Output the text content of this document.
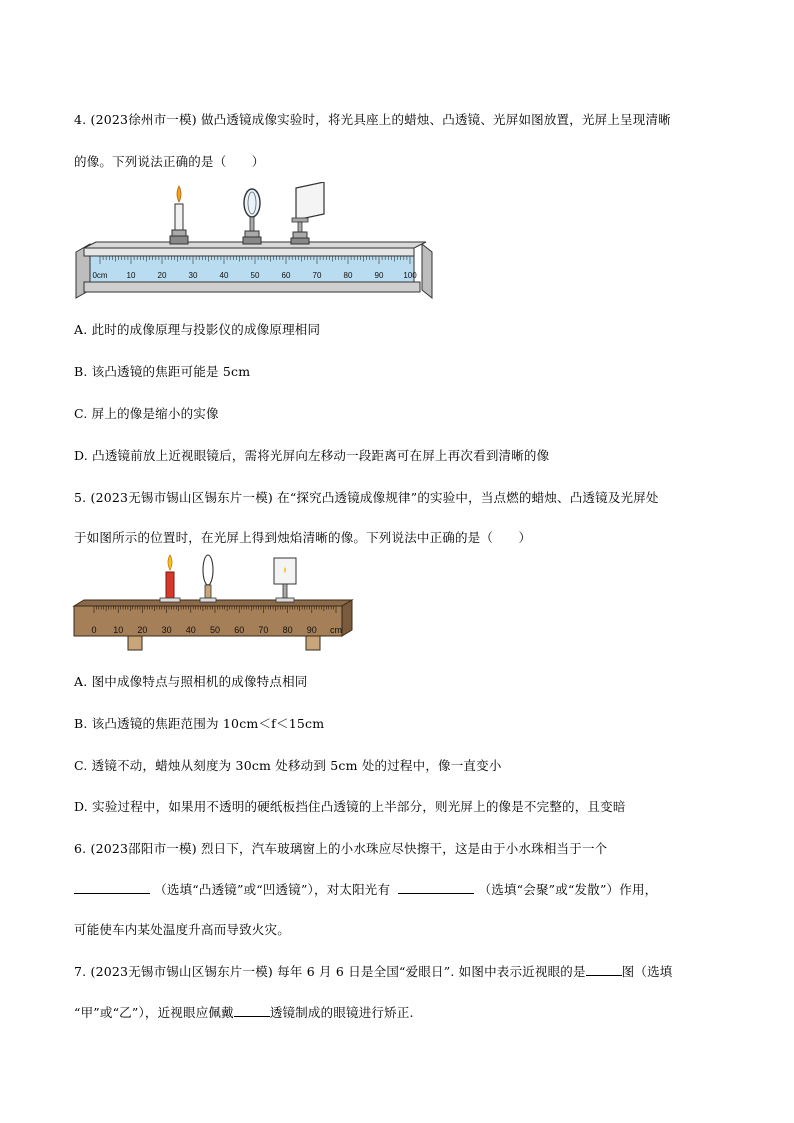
4. (2023徐州市一模) 做凸透镜成像实验时，将光具座上的蜡烛、凸透镜、光屏如图放置，光屏上呈现清晰
的像。下列说法正确的是（　　）
0cm 10	20	30	40	50	60	70	80	90 100
A. 此时的成像原理与投影仪的成像原理相同
B. 该凸透镜的焦距可能是 5cm
C. 屏上的像是缩小的实像
D. 凸透镜前放上近视眼镜后，需将光屏向左移动一段距离可在屏上再次看到清晰的像
5. (2023无锡市锡山区锡东片一模) 在“探究凸透镜成像规律”的实验中，当点燃的蜡烛、凸透镜及光屏处
于如图所示的位置时，在光屏上得到烛焰清晰的像。下列说法中正确的是（　　）
0 10 20 30 40 50 60 70 80 90 cm
A. 图中成像特点与照相机的成像特点相同
B. 该凸透镜的焦距范围为 10cm＜f＜15cm
C. 透镜不动，蜡烛从刻度为 30cm 处移动到 5cm 处的过程中，像一直变小
D. 实验过程中，如果用不透明的硬纸板挡住凸透镜的上半部分，则光屏上的像是不完整的，且变暗
6. (2023邵阳市一模) 烈日下，汽车玻璃窗上的小水珠应尽快擦干，这是由于小水珠相当于一个
（选填“凸透镜”或“凹透镜”），对太阳光有	（选填“会聚”或“发散”）作用，
可能使车内某处温度升高而导致火灾。
7. (2023无锡市锡山区锡东片一模) 每年 6 月 6 日是全国“爱眼日”. 如图中表示近视眼的是	图（选填
“甲”或“乙”），近视眼应佩戴	透镜制成的眼镜进行矫正.
